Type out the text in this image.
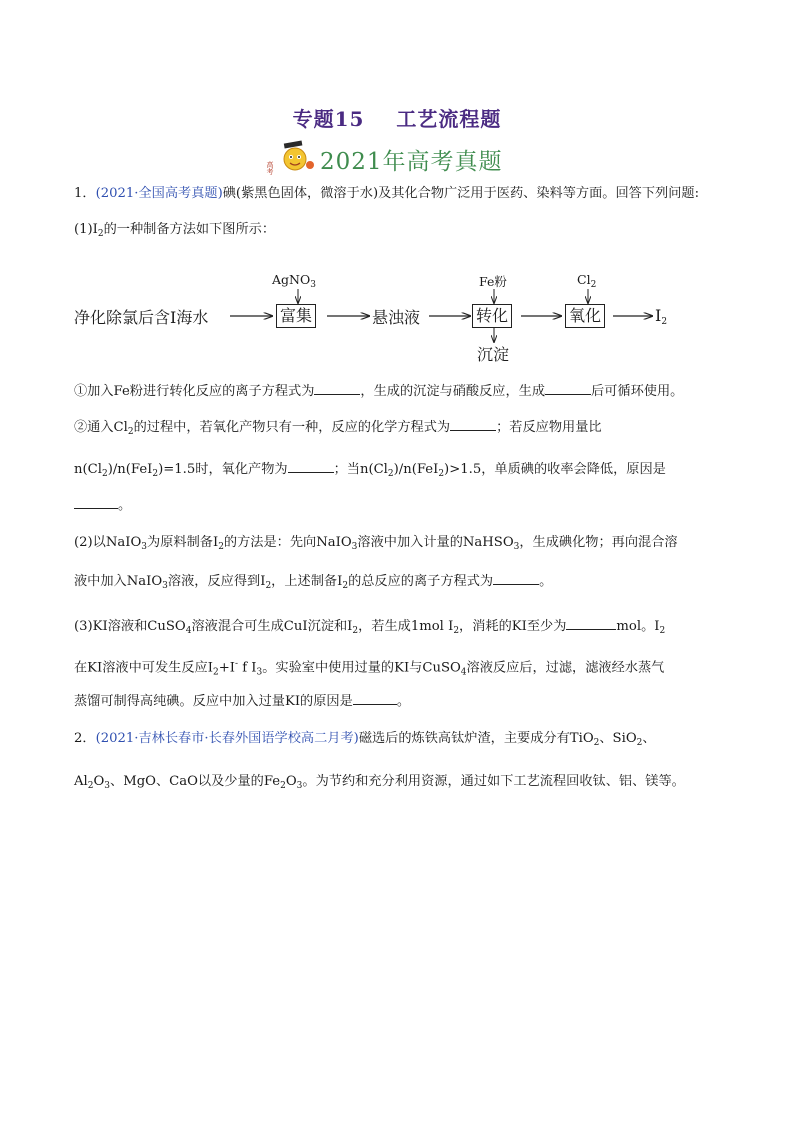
专题15 工艺流程题
高考 2021年高考真题

1．(2021·全国高考真题)碘(紫黑色固体，微溶于水)及其化合物广泛用于医药、染料等方面。回答下列问题:

$(1)I_2$的一种制备方法如下图所示：

净化除氯后含I海水
AgNO$_3$
富集	悬浊液
Fe粉
转化
沉淀
$Cl_2$
氧化	$I_2$

①加入Fe粉进行转化反应的离子方程式为	，生成的沉淀与硝酸反应，生成	后可循环使用。

②通入$Cl_2$的过程中，若氧化产物只有一种，反应的化学方程式为	；若反应物用量比

$n(Cl_2)/n(FeI_2)=1.5$时，氧化产物为	；当$n(Cl_2)/n(FeI_2)>1.5$，单质碘的收率会降低，原因是

。

(2)以NaIO$_3$为原料制备$I_2$的方法是：先向NaIO$_3$溶液中加入计量的NaHSO$_3$，生成碘化物；再向混合溶

液中加入NaIO$_3$溶液，反应得到$I_2$，上述制备$I_2$的总反应的离子方程式为	。

(3)KI溶液和CuSO$_4$溶液混合可生成CuI沉淀和$I_2$，若生成1mol $I_2$，消耗的KI至少为	mol。$I_2$

在KI溶液中可发生反应$I_2+I^-$ f $I_3$。实验室中使用过量的KI与CuSO$_4$溶液反应后，过滤，滤液经水蒸气

蒸馏可制得高纯碘。反应中加入过量KI的原因是	。

2．(2021·吉林长春市·长春外国语学校高二月考)磁选后的炼铁高钛炉渣，主要成分有TiO$_2$、SiO$_2$、

$Al_2O_3$、MgO、CaO以及少量的$Fe_2O_3$。为节约和充分利用资源，通过如下工艺流程回收钛、铝、镁等。
